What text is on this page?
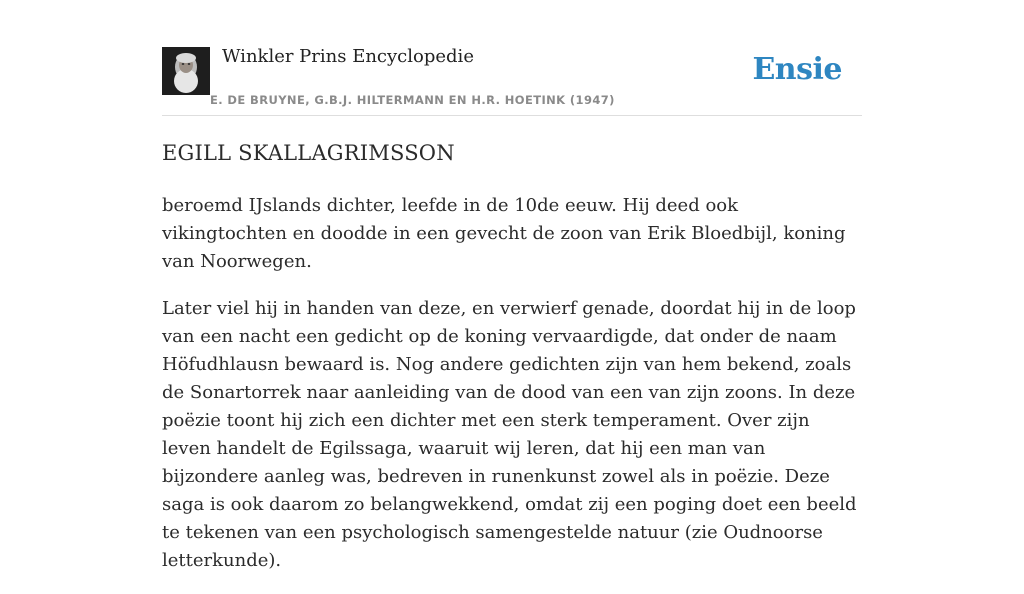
Winkler Prins Encyclopedie
E. DE BRUYNE, G.B.J. HILTERMANN EN H.R. HOETINK (1947)
Ensie
EGILL SKALLAGRIMSSON

beroemd IJslands dichter, leefde in de 10de eeuw. Hij deed ook vikingtochten en doodde in een gevecht de zoon van Erik Bloedbijl, koning van Noorwegen.

Later viel hij in handen van deze, en verwierf genade, doordat hij in de loop van een nacht een gedicht op de koning vervaardigde, dat onder de naam Höfudhlausn bewaard is. Nog andere gedichten zijn van hem bekend, zoals de Sonartorrek naar aanleiding van de dood van een van zijn zoons. In deze poëzie toont hij zich een dichter met een sterk temperament. Over zijn leven handelt de Egilssaga, waaruit wij leren, dat hij een man van bijzondere aanleg was, bedreven in runenkunst zowel als in poëzie. Deze saga is ook daarom zo belangwekkend, omdat zij een poging doet een beeld te tekenen van een psychologisch samengestelde natuur (zie Oudnoorse letterkunde).
